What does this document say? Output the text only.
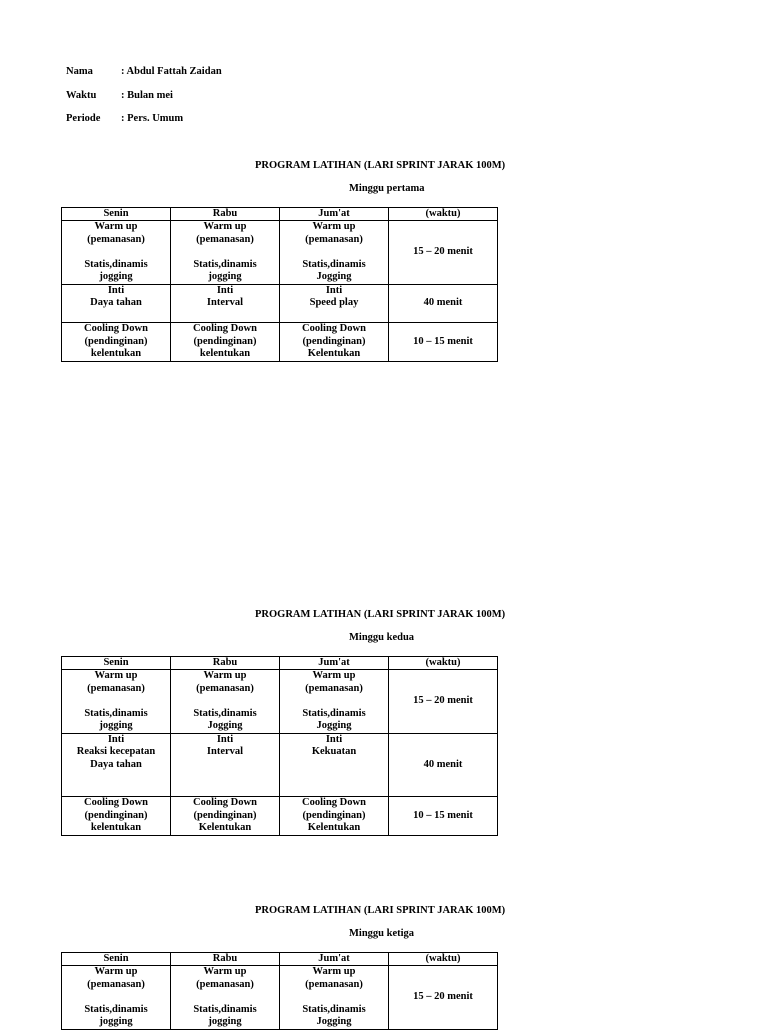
Nama	: Abdul Fattah Zaidan
Waktu : Bulan mei
Periode : Pers. Umum
PROGRAM LATIHAN (LARI SPRINT JARAK 100M)
Minggu pertama
Senin	Rabu	Jum'at	(waktu)

Warm up
(pemanasan)
Statis,dinamis
jogging	Warm up
(pemanasan)
Statis,dinamis
jogging	Warm up
(pemanasan)
Statis,dinamis
Jogging	15 – 20 menit

Inti
Daya tahan	Inti
Interval	Inti
Speed play	40 menit

Cooling Down
(pendinginan)
kelentukan	Cooling Down
(pendinginan)
kelentukan	Cooling Down
(pendinginan)
Kelentukan	10 – 15 menit
PROGRAM LATIHAN (LARI SPRINT JARAK 100M)
Minggu kedua
Senin	Rabu	Jum'at	(waktu)

Warm up
(pemanasan)
Statis,dinamis
jogging	Warm up
(pemanasan)
Statis,dinamis
Jogging	Warm up
(pemanasan)
Statis,dinamis
Jogging	15 – 20 menit

Inti
Reaksi kecepatan
Daya tahan	Inti
Interval	Inti
Kekuatan	40 menit

Cooling Down
(pendinginan)
kelentukan	Cooling Down
(pendinginan)
Kelentukan	Cooling Down
(pendinginan)
Kelentukan	10 – 15 menit
PROGRAM LATIHAN (LARI SPRINT JARAK 100M)
Minggu ketiga
Senin	Rabu	Jum'at	(waktu)

Warm up
(pemanasan)
Statis,dinamis
jogging	Warm up
(pemanasan)
Statis,dinamis
jogging	Warm up
(pemanasan)
Statis,dinamis
Jogging	15 – 20 menit
